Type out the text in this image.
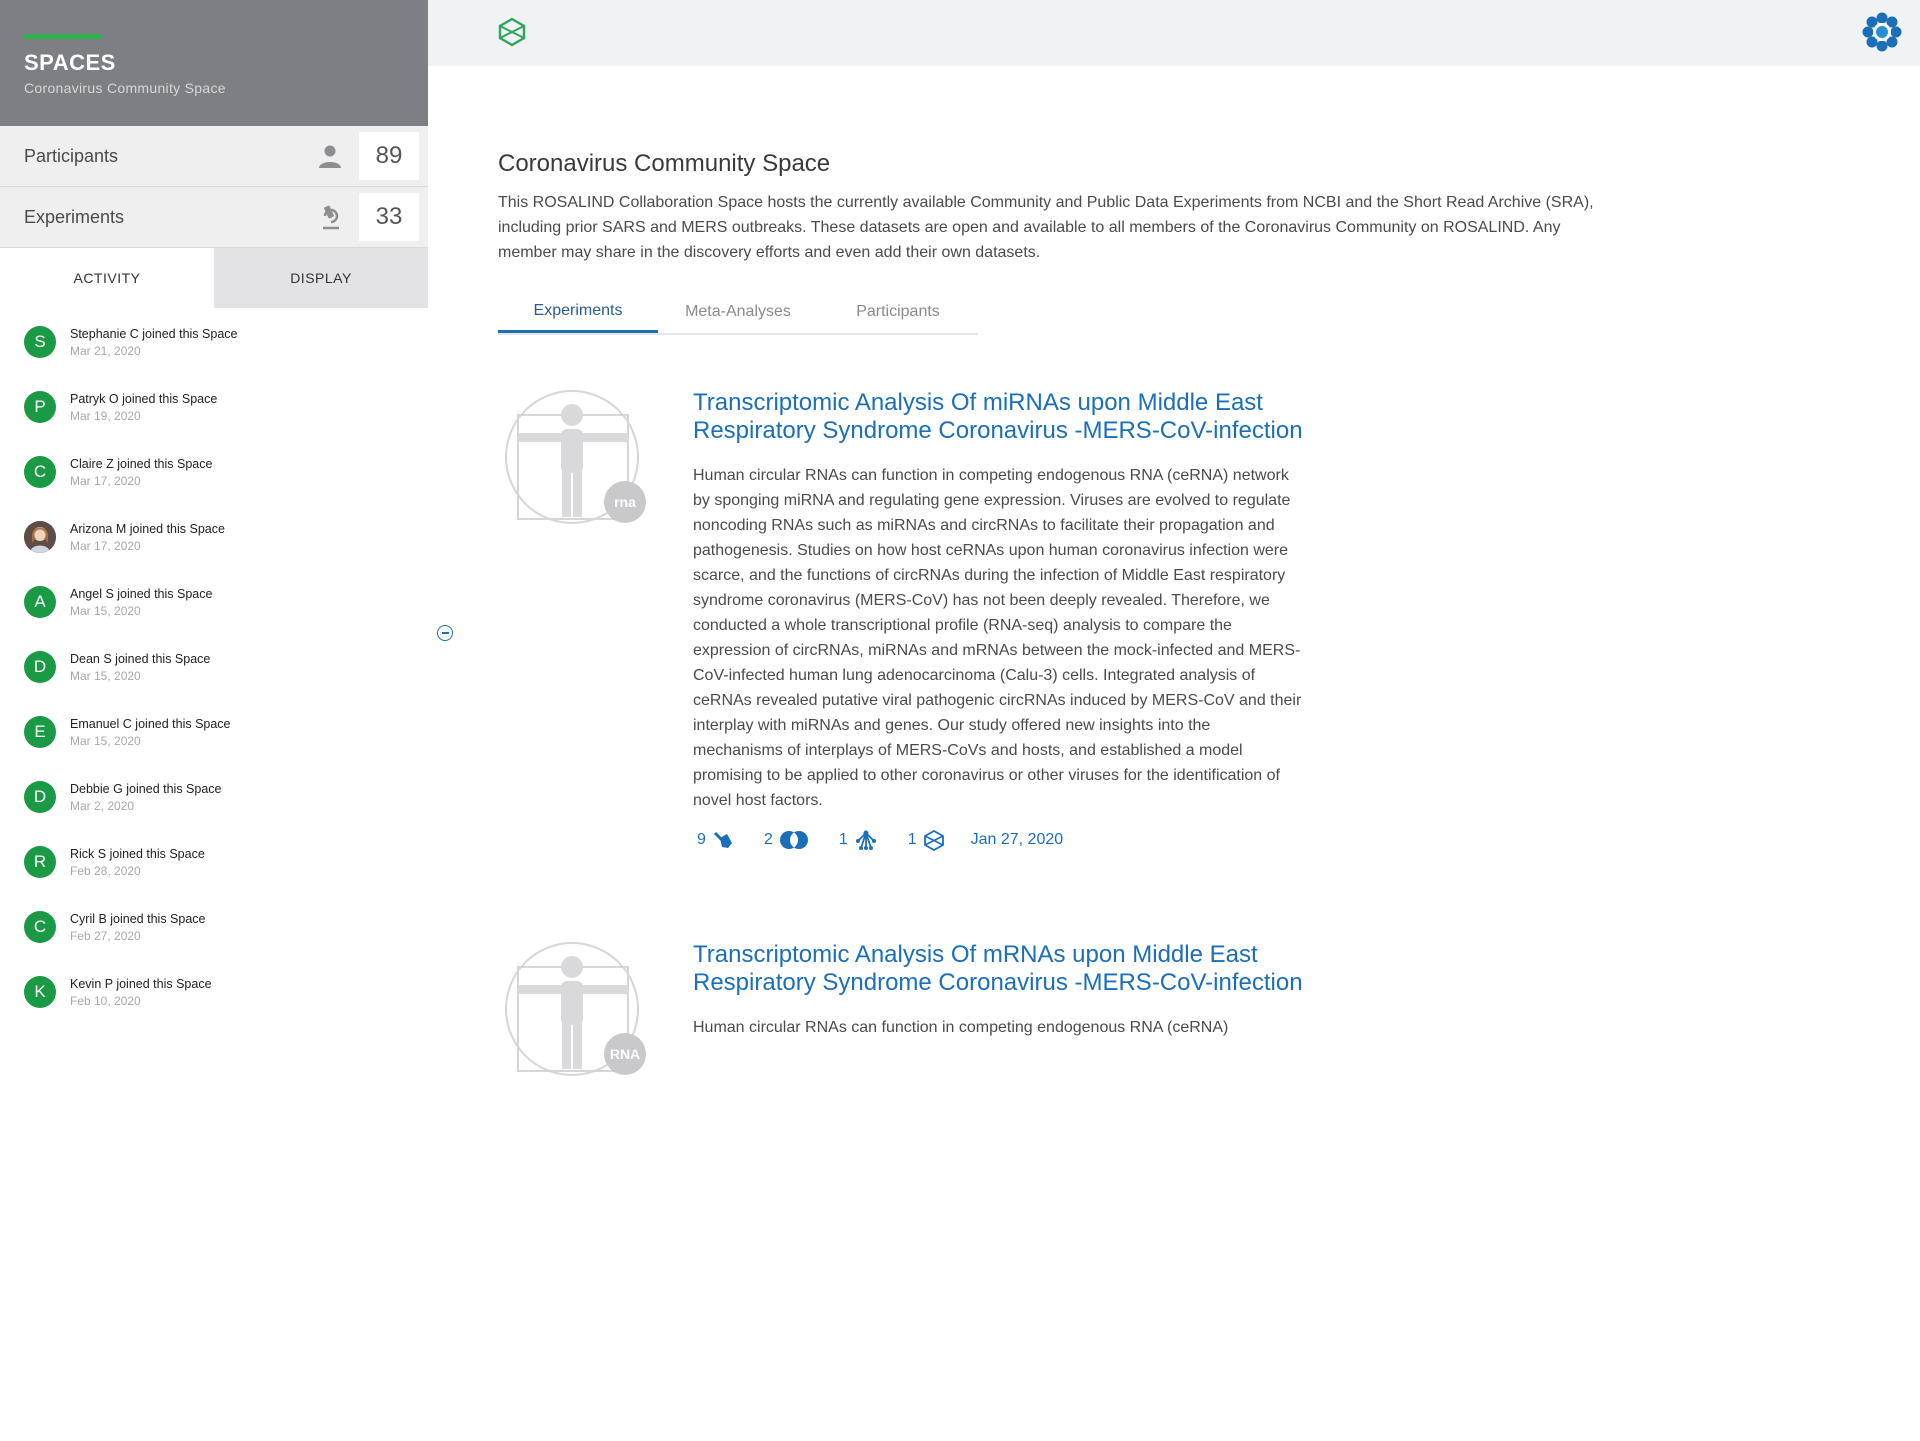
SPACES
Coronavirus Community Space
Participants	89
Experiments	33
ACTIVITY	DISPLAY
S	Stephanie C joined this Space
Mar 21, 2020
P	Patryk O joined this Space
Mar 19, 2020
C	Claire Z joined this Space
Mar 17, 2020
Arizona M joined this Space
Mar 17, 2020
A	Angel S joined this Space
Mar 15, 2020
D	Dean S joined this Space
Mar 15, 2020
E	Emanuel C joined this Space
Mar 15, 2020
D	Debbie G joined this Space
Mar 2, 2020
R	Rick S joined this Space
Feb 28, 2020
C	Cyril B joined this Space
Feb 27, 2020
K	Kevin P joined this Space
Feb 10, 2020
Coronavirus Community Space

This ROSALIND Collaboration Space hosts the currently available Community and Public Data Experiments from NCBI and the Short Read Archive (SRA), including prior SARS and MERS outbreaks. These datasets are open and available to all members of the Coronavirus Community on ROSALIND. Any member may share in the discovery efforts and even add their own datasets.

Experiments	Meta-Analyses	Participants
rna
Transcriptomic Analysis Of miRNAs upon Middle East Respiratory Syndrome Coronavirus -MERS-CoV-infection

Human circular RNAs can function in competing endogenous RNA (ceRNA) network by sponging miRNA and regulating gene expression. Viruses are evolved to regulate noncoding RNAs such as miRNAs and circRNAs to facilitate their propagation and pathogenesis. Studies on how host ceRNAs upon human coronavirus infection were scarce, and the functions of circRNAs during the infection of Middle East respiratory syndrome coronavirus (MERS-CoV) has not been deeply revealed. Therefore, we conducted a whole transcriptional profile (RNA-seq) analysis to compare the expression of circRNAs, miRNAs and mRNAs between the mock-infected and MERS-CoV-infected human lung adenocarcinoma (Calu-3) cells. Integrated analysis of ceRNAs revealed putative viral pathogenic circRNAs induced by MERS-CoV and their interplay with miRNAs and genes. Our study offered new insights into the mechanisms of interplays of MERS-CoVs and hosts, and established a model promising to be applied to other coronavirus or other viruses for the identification of novel host factors.

9	2	1	1	Jan 27, 2020
RNA
Transcriptomic Analysis Of mRNAs upon Middle East Respiratory Syndrome Coronavirus -MERS-CoV-infection

Human circular RNAs can function in competing endogenous RNA (ceRNA)
